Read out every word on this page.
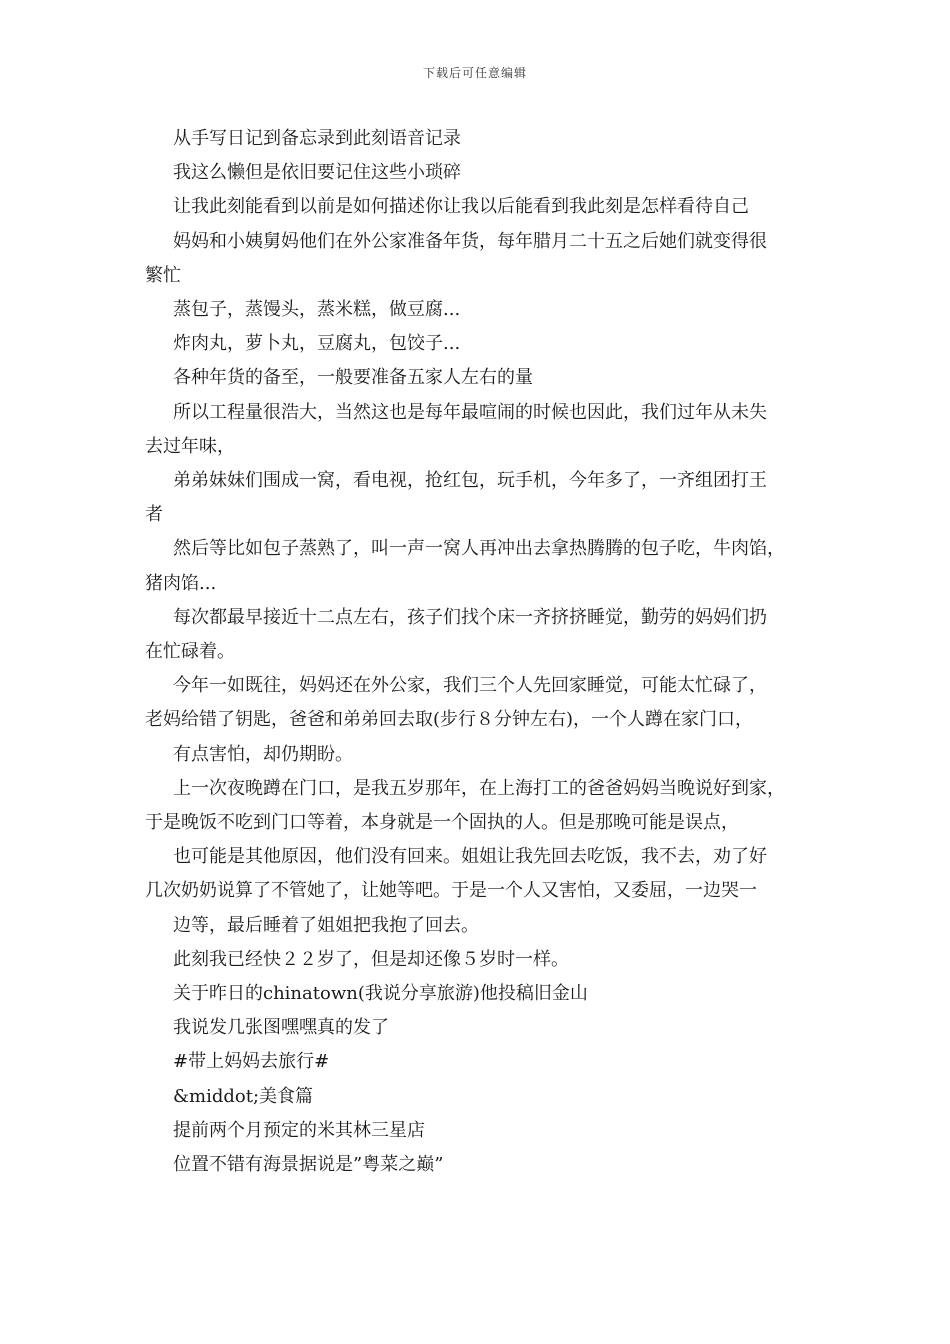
下载后可任意编辑

从手写日记到备忘录到此刻语音记录

我这么懒但是依旧要记住这些小琐碎

让我此刻能看到以前是如何描述你让我以后能看到我此刻是怎样看待自己

妈妈和小姨舅妈他们在外公家准备年货，每年腊月二十五之后她们就变得很

繁忙

蒸包子，蒸馒头，蒸米糕，做豆腐...

炸肉丸，萝卜丸，豆腐丸，包饺子...

各种年货的备至，一般要准备五家人左右的量

所以工程量很浩大，当然这也是每年最喧闹的时候也因此，我们过年从未失

去过年味，

弟弟妹妹们围成一窝，看电视，抢红包，玩手机，今年多了，一齐组团打王

者

然后等比如包子蒸熟了，叫一声一窝人再冲出去拿热腾腾的包子吃，牛肉馅，

猪肉馅...

每次都最早接近十二点左右，孩子们找个床一齐挤挤睡觉，勤劳的妈妈们扔

在忙碌着。

今年一如既往，妈妈还在外公家，我们三个人先回家睡觉，可能太忙碌了，

老妈给错了钥匙，爸爸和弟弟回去取(步行８分钟左右)，一个人蹲在家门口，

有点害怕，却仍期盼。

上一次夜晚蹲在门口，是我五岁那年，在上海打工的爸爸妈妈当晚说好到家，

于是晚饭不吃到门口等着，本身就是一个固执的人。但是那晚可能是误点，

也可能是其他原因，他们没有回来。姐姐让我先回去吃饭，我不去，劝了好

几次奶奶说算了不管她了，让她等吧。于是一个人又害怕，又委屈，一边哭一

边等，最后睡着了姐姐把我抱了回去。

此刻我已经快２２岁了，但是却还像５岁时一样。

关于昨日的chinatown(我说分享旅游)他投稿旧金山

我说发几张图嘿嘿真的发了

#带上妈妈去旅行#

&middot;美食篇

提前两个月预定的米其林三星店

位置不错有海景据说是”粤菜之巅”
